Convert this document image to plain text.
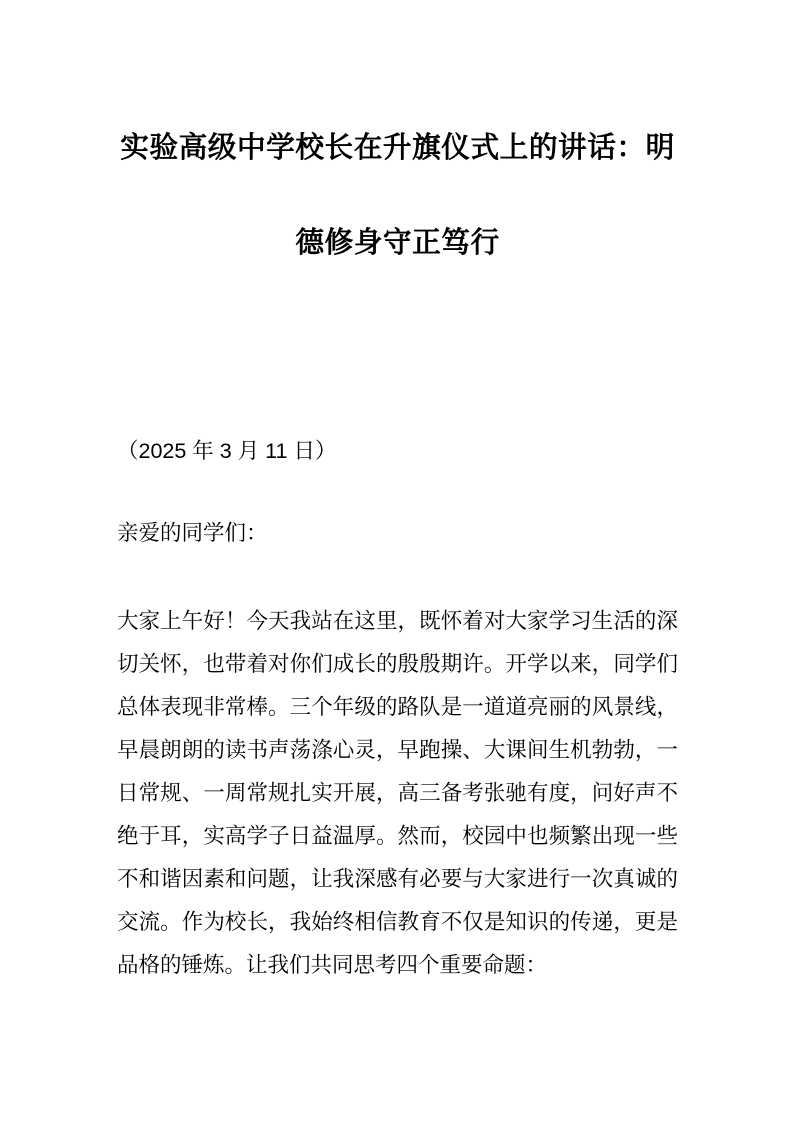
实验高级中学校长在升旗仪式上的讲话：明
德修身守正笃行
（2025 年 3 月 11 日）
亲爱的同学们：
大家上午好！今天我站在这里，既怀着对大家学习生活的深
切关怀，也带着对你们成长的殷殷期许。开学以来，同学们
总体表现非常棒。三个年级的路队是一道道亮丽的风景线，
早晨朗朗的读书声荡涤心灵，早跑操、大课间生机勃勃，一
日常规、一周常规扎实开展，高三备考张驰有度，问好声不
绝于耳，实高学子日益温厚。然而，校园中也频繁出现一些
不和谐因素和问题，让我深感有必要与大家进行一次真诚的
交流。作为校长，我始终相信教育不仅是知识的传递，更是
品格的锤炼。让我们共同思考四个重要命题：
